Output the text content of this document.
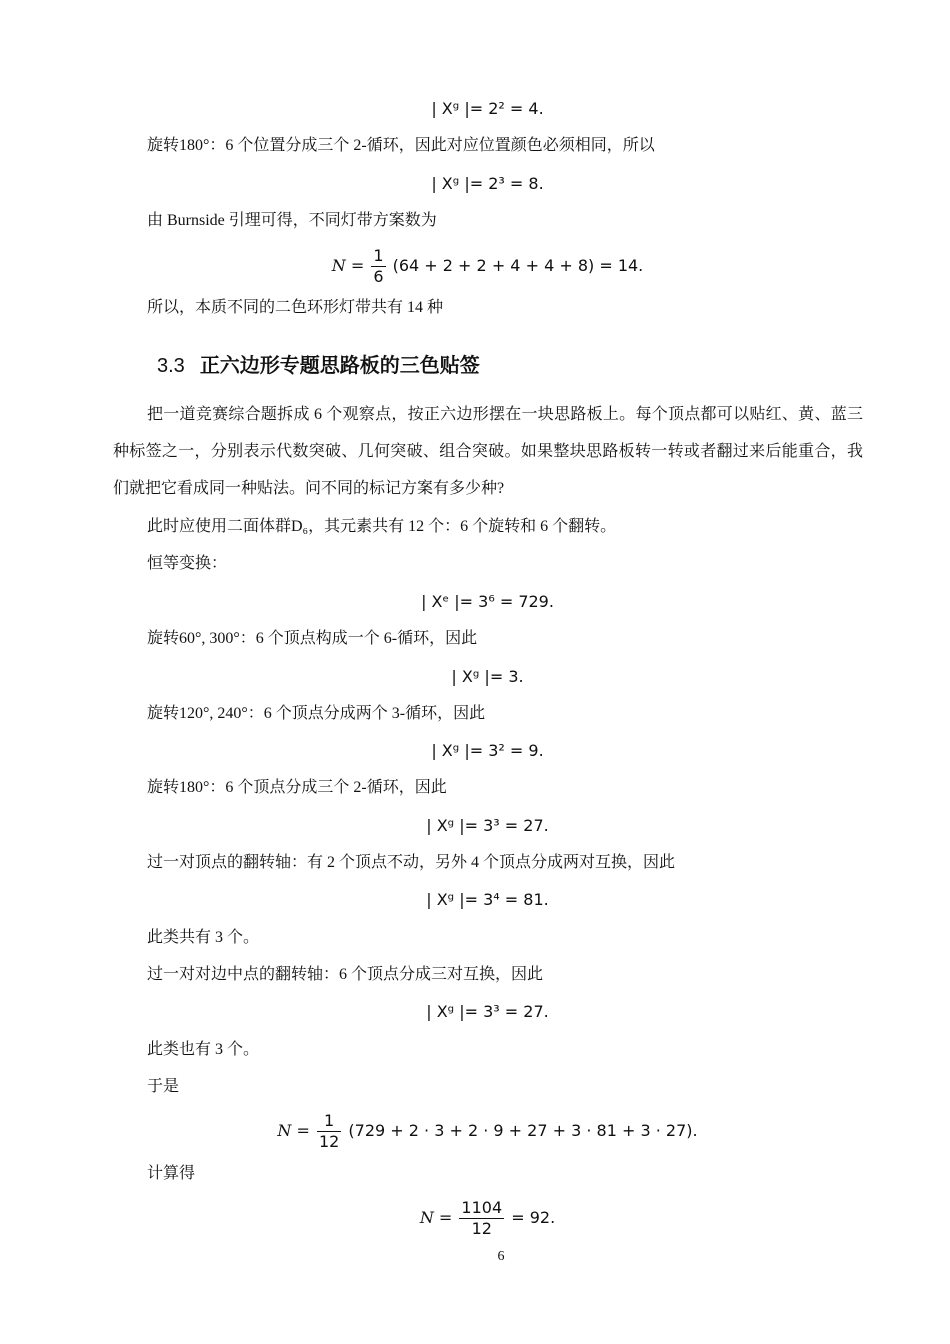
| Xᵍ |= 2² = 4.
旋转180°：6 个位置分成三个 2-循环，因此对应位置颜色必须相同，所以
| Xᵍ |= 2³ = 8.
由 Burnside 引理可得，不同灯带方案数为
$N = \frac{1}{6} (64 + 2 + 2 + 4 + 4 + 8) = 14$.
所以，本质不同的二色环形灯带共有 14 种
3.3 正六边形专题思路板的三色贴签
把一道竞赛综合题拆成 6 个观察点，按正六边形摆在一块思路板上。每个顶点都可以贴红、黄、蓝三种标签之一，分别表示代数突破、几何突破、组合突破。如果整块思路板转一转或者翻过来后能重合，我们就把它看成同一种贴法。问不同的标记方案有多少种?
此时应使用二面体群D₆，其元素共有 12 个：6 个旋转和 6 个翻转。
恒等变换：
| Xᵉ |= 3⁶ = 729.
旋转60°, 300°：6 个顶点构成一个 6-循环，因此
| Xᵍ |= 3.
旋转120°, 240°：6 个顶点分成两个 3-循环，因此
| Xᵍ |= 3² = 9.
旋转180°：6 个顶点分成三个 2-循环，因此
| Xᵍ |= 3³ = 27.
过一对顶点的翻转轴：有 2 个顶点不动，另外 4 个顶点分成两对互换，因此
| Xᵍ |= 3⁴ = 81.
此类共有 3 个。
过一对对边中点的翻转轴：6 个顶点分成三对互换，因此
| Xᵍ |= 3³ = 27.
此类也有 3 个。
于是
$N = \frac{1}{12} (729 + 2 \cdot 3 + 2 \cdot 9 + 27 + 3 \cdot 81 + 3 \cdot 27)$.
计算得
$N = \frac{1104}{12} = 92$.
6
